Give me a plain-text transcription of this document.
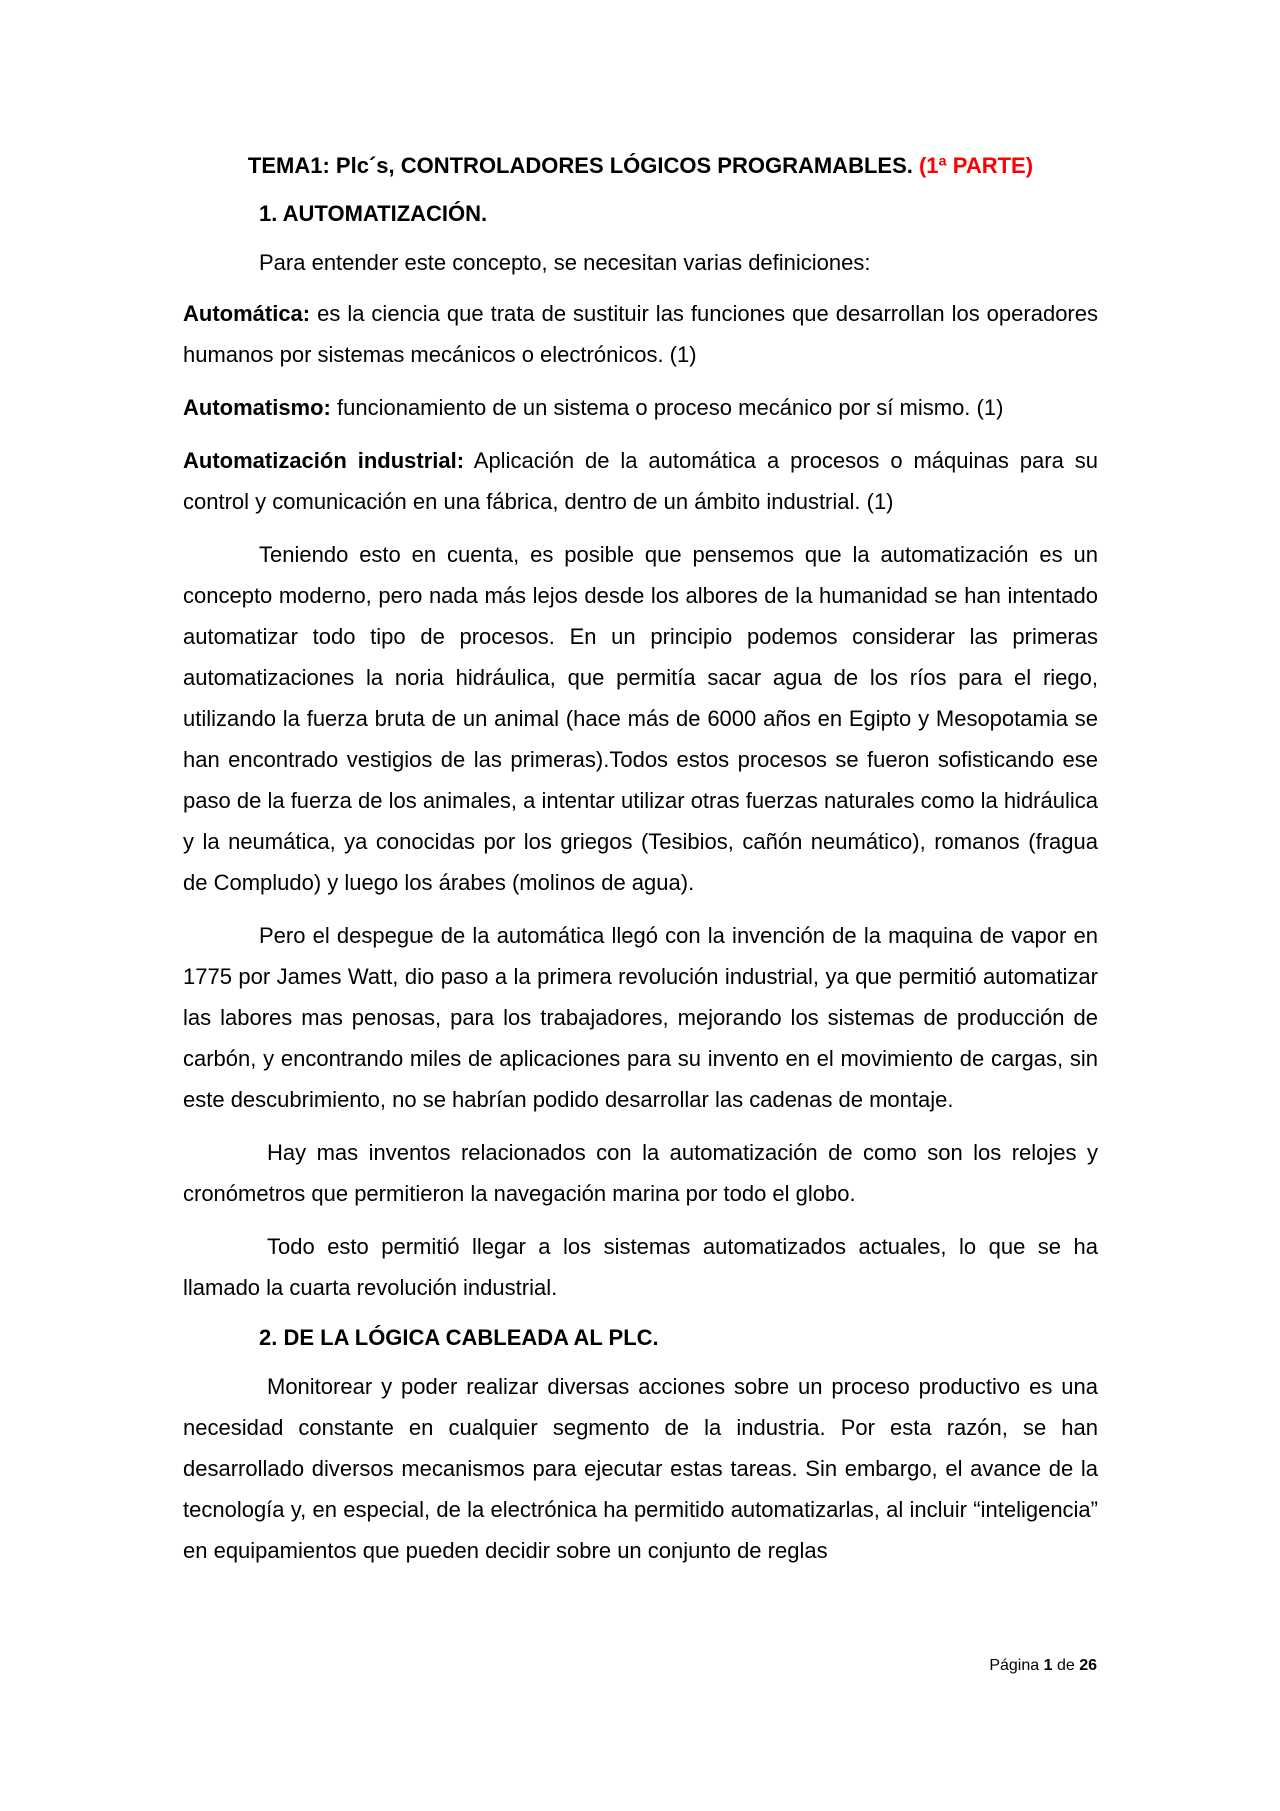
TEMA1: Plc´s, CONTROLADORES LÓGICOS PROGRAMABLES. (1ª PARTE)
1. AUTOMATIZACIÓN.

Para entender este concepto, se necesitan varias definiciones:

Automática: es la ciencia que trata de sustituir las funciones que desarrollan los operadores humanos por sistemas mecánicos o electrónicos. (1)

Automatismo: funcionamiento de un sistema o proceso mecánico por sí mismo. (1)

Automatización industrial: Aplicación de la automática a procesos o máquinas para su control y comunicación en una fábrica, dentro de un ámbito industrial. (1)

Teniendo esto en cuenta, es posible que pensemos que la automatización es un concepto moderno, pero nada más lejos desde los albores de la humanidad se han intentado automatizar todo tipo de procesos. En un principio podemos considerar las primeras automatizaciones la noria hidráulica, que permitía sacar agua de los ríos para el riego, utilizando la fuerza bruta de un animal (hace más de 6000 años en Egipto y Mesopotamia se han encontrado vestigios de las primeras).Todos estos procesos se fueron sofisticando ese paso de la fuerza de los animales, a intentar utilizar otras fuerzas naturales como la hidráulica y la neumática, ya conocidas por los griegos (Tesibios, cañón neumático), romanos (fragua de Compludo) y luego los árabes (molinos de agua).

Pero el despegue de la automática llegó con la invención de la maquina de vapor en 1775 por James Watt, dio paso a la primera revolución industrial, ya que permitió automatizar las labores mas penosas, para los trabajadores, mejorando los sistemas de producción de carbón, y encontrando miles de aplicaciones para su invento en el movimiento de cargas, sin este descubrimiento, no se habrían podido desarrollar las cadenas de montaje.

Hay mas inventos relacionados con la automatización de como son los relojes y cronómetros que permitieron la navegación marina por todo el globo.

Todo esto permitió llegar a los sistemas automatizados actuales, lo que se ha llamado la cuarta revolución industrial.

2. DE LA LÓGICA CABLEADA AL PLC.

Monitorear y poder realizar diversas acciones sobre un proceso productivo es una necesidad constante en cualquier segmento de la industria. Por esta razón, se han desarrollado diversos mecanismos para ejecutar estas tareas. Sin embargo, el avance de la tecnología y, en especial, de la electrónica ha permitido automatizarlas, al incluir “inteligencia” en equipamientos que pueden decidir sobre un conjunto de reglas

Página 1 de 26
